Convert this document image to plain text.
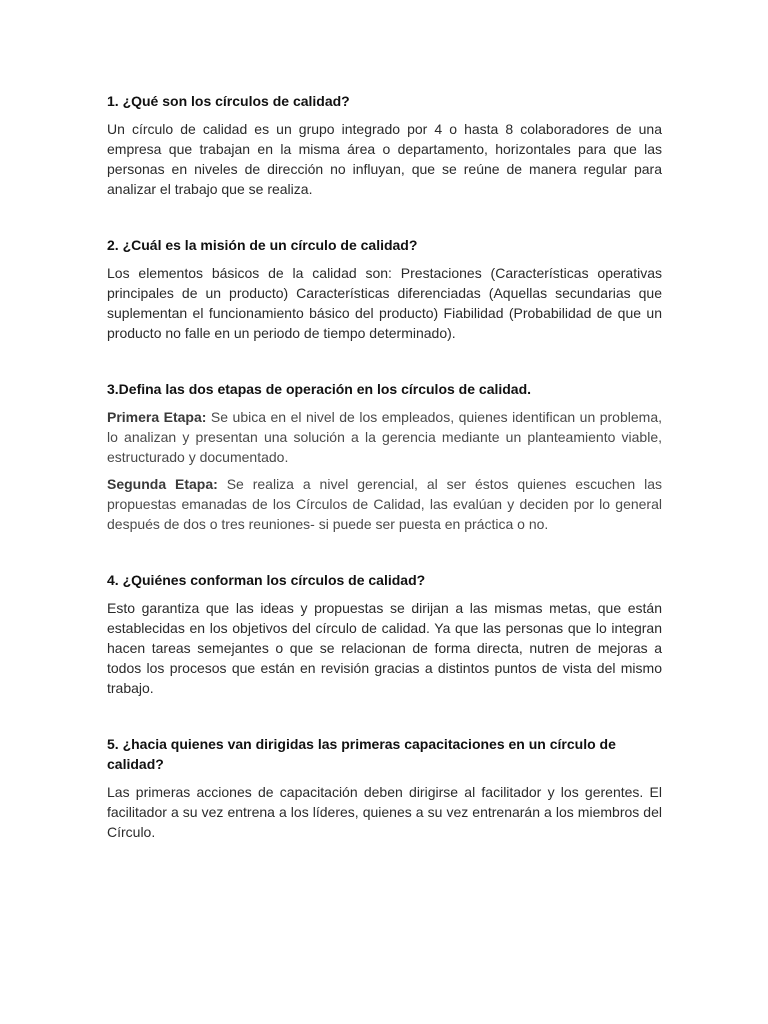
1. ¿Qué son los círculos de calidad?

Un círculo de calidad es un grupo integrado por 4 o hasta 8 colaboradores de una empresa que trabajan en la misma área o departamento, horizontales para que las personas en niveles de dirección no influyan, que se reúne de manera regular para analizar el trabajo que se realiza.

2. ¿Cuál es la misión de un círculo de calidad?

Los elementos básicos de la calidad son: Prestaciones (Características operativas principales de un producto) Características diferenciadas (Aquellas secundarias que suplementan el funcionamiento básico del producto) Fiabilidad (Probabilidad de que un producto no falle en un periodo de tiempo determinado).

3.Defina las dos etapas de operación en los círculos de calidad.

Primera Etapa: Se ubica en el nivel de los empleados, quienes identifican un problema, lo analizan y presentan una solución a la gerencia mediante un planteamiento viable, estructurado y documentado.

Segunda Etapa: Se realiza a nivel gerencial, al ser éstos quienes escuchen las propuestas emanadas de los Círculos de Calidad, las evalúan y deciden por lo general después de dos o tres reuniones- si puede ser puesta en práctica o no.

4. ¿Quiénes conforman los círculos de calidad?

Esto garantiza que las ideas y propuestas se dirijan a las mismas metas, que están establecidas en los objetivos del círculo de calidad. Ya que las personas que lo integran hacen tareas semejantes o que se relacionan de forma directa, nutren de mejoras a todos los procesos que están en revisión gracias a distintos puntos de vista del mismo trabajo.

5. ¿hacia quienes van dirigidas las primeras capacitaciones en un círculo de calidad?

Las primeras acciones de capacitación deben dirigirse al facilitador y los gerentes. El facilitador a su vez entrena a los líderes, quienes a su vez entrenarán a los miembros del Círculo.
